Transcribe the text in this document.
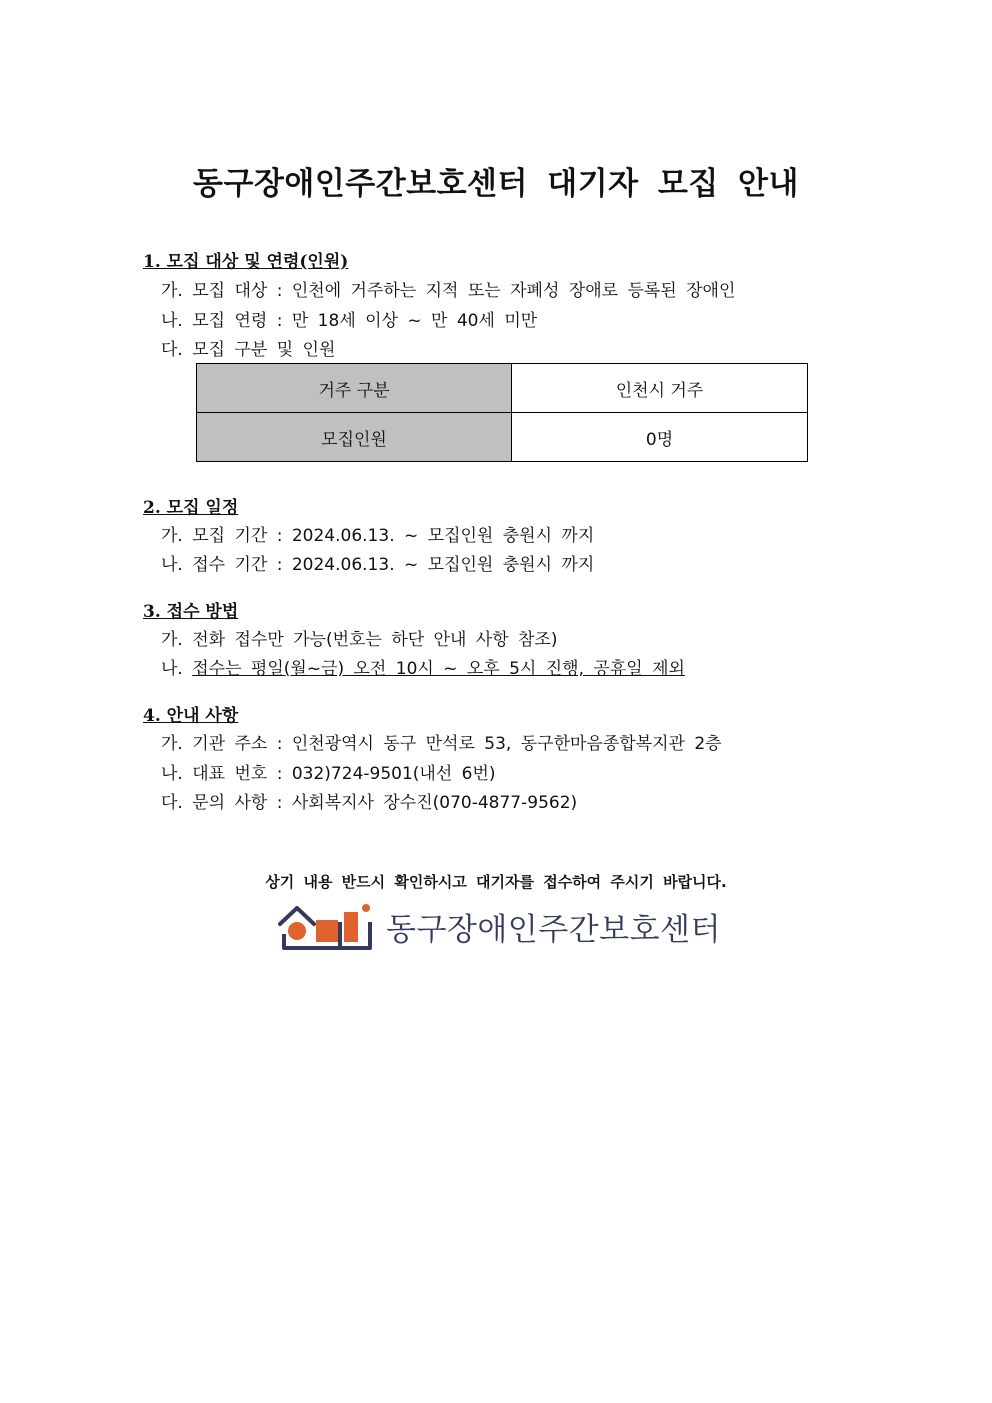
동구장애인주간보호센터 대기자 모집 안내

1. 모집 대상 및 연령(인원)

가. 모집 대상 : 인천에 거주하는 지적 또는 자폐성 장애로 등록된 장애인

나. 모집 연령 : 만 18세 이상 ~ 만 40세 미만

다. 모집 구분 및 인원

거주 구분	인천시 거주
모집인원	0명

2. 모집 일정

가. 모집 기간 : 2024.06.13. ~ 모집인원 충원시 까지

나. 접수 기간 : 2024.06.13. ~ 모집인원 충원시 까지

3. 접수 방법

가. 전화 접수만 가능(번호는 하단 안내 사항 참조)

나. 접수는 평일(월~금) 오전 10시 ~ 오후 5시 진행, 공휴일 제외

4. 안내 사항

가. 기관 주소 : 인천광역시 동구 만석로 53, 동구한마음종합복지관 2층

나. 대표 번호 : 032)724-9501(내선 6번)

다. 문의 사항 : 사회복지사 장수진(070-4877-9562)

상기 내용 반드시 확인하시고 대기자를 접수하여 주시기 바랍니다.

동구장애인주간보호센터
